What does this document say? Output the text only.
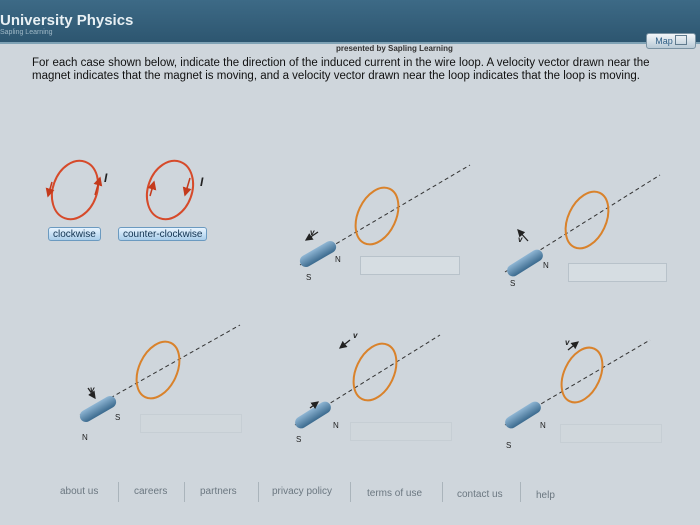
University Physics
Sapling Learning
Map
presented by Sapling Learning
For each case shown below, indicate the direction of the induced current in the wire loop. A velocity vector drawn near the magnet indicates that the magnet is moving, and a velocity vector drawn near the loop indicates that the loop is moving.
I	I
v
N
S
v
N
S
v
S
N
N
S
v
v
N
S
clockwise	counter-clockwise
about us	careers	partners	privacy policy	terms of use	contact us	help
